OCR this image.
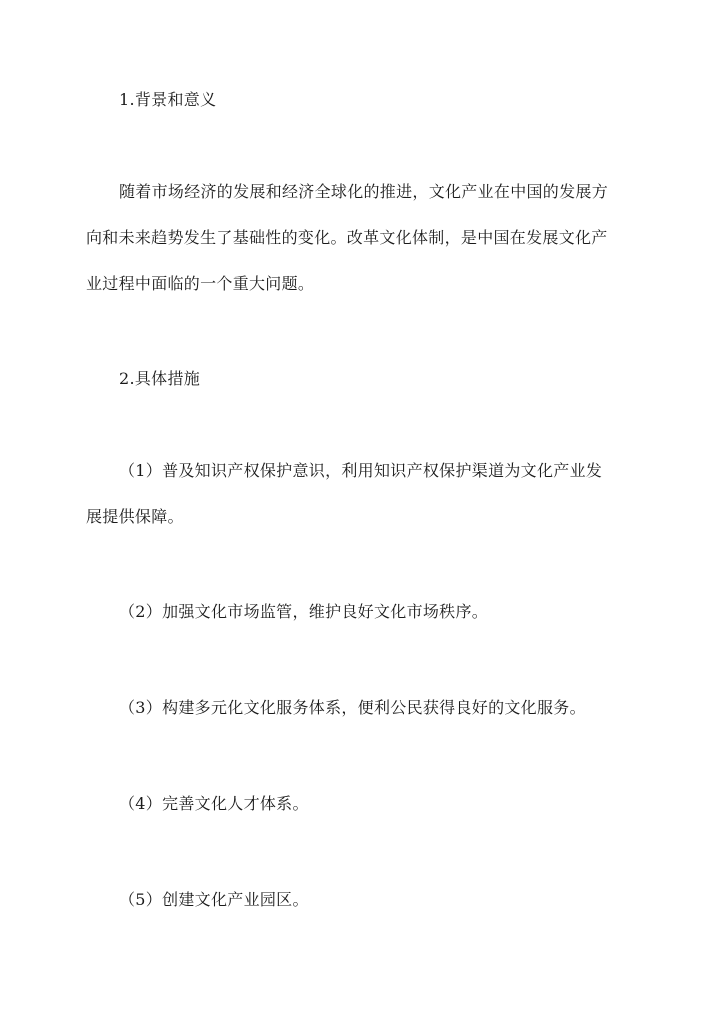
1.背景和意义
随着市场经济的发展和经济全球化的推进，文化产业在中国的发展方
向和未来趋势发生了基础性的变化。改革文化体制，是中国在发展文化产
业过程中面临的一个重大问题。
2.具体措施
（1）普及知识产权保护意识，利用知识产权保护渠道为文化产业发
展提供保障。
（2）加强文化市场监管，维护良好文化市场秩序。
（3）构建多元化文化服务体系，便利公民获得良好的文化服务。
（4）完善文化人才体系。
（5）创建文化产业园区。
